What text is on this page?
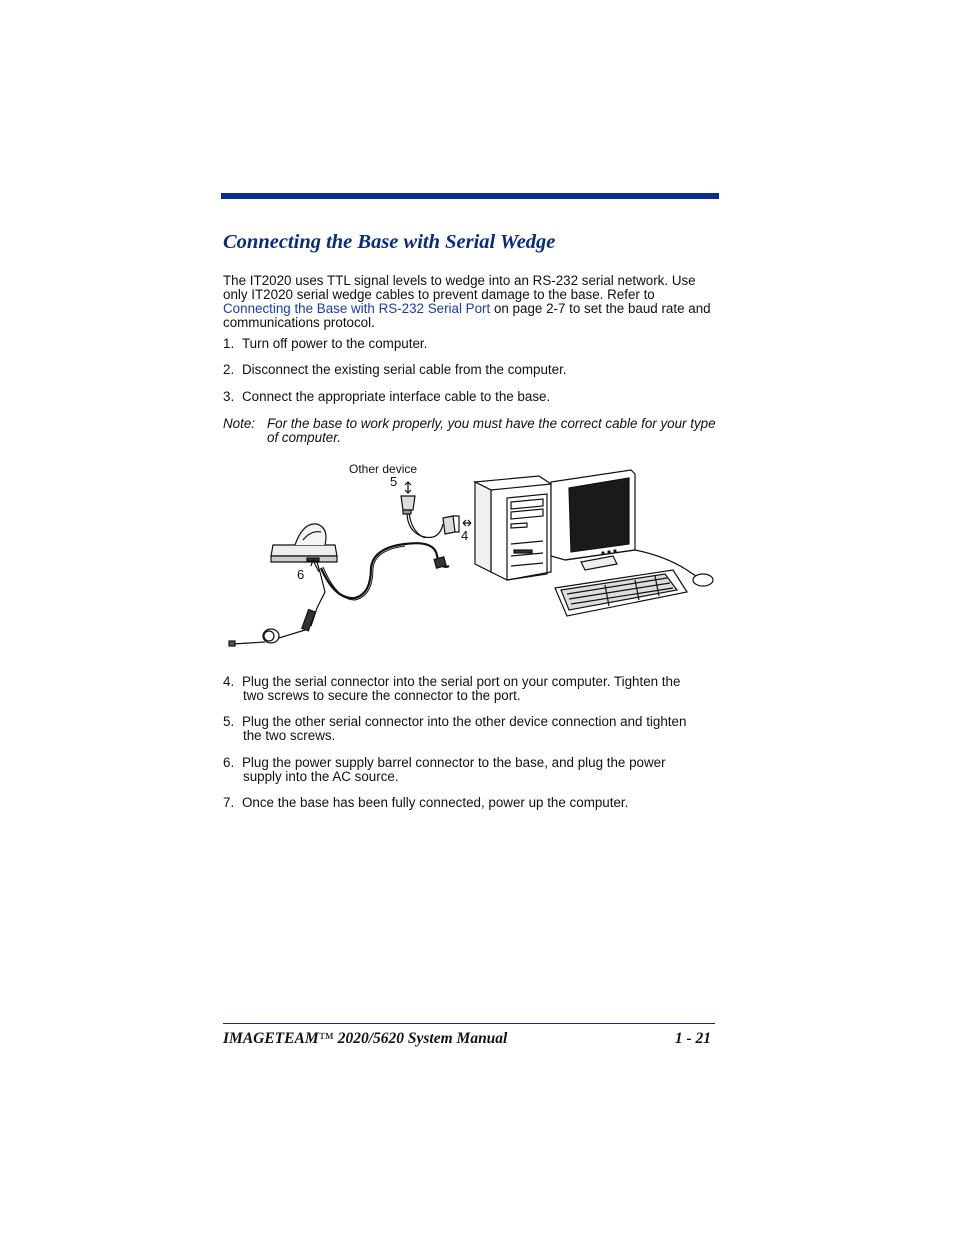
Connecting the Base with Serial Wedge

The IT2020 uses TTL signal levels to wedge into an RS-232 serial network. Use only IT2020 serial wedge cables to prevent damage to the base. Refer to Connecting the Base with RS-232 Serial Port on page 2-7 to set the baud rate and communications protocol.

1. Turn off power to the computer.

2. Disconnect the existing serial cable from the computer.

3. Connect the appropriate interface cable to the base.

Note: For the base to work properly, you must have the correct cable for your type of computer.
Other device
5
4
6

4. Plug the serial connector into the serial port on your computer. Tighten the
two screws to secure the connector to the port.

5. Plug the other serial connector into the other device connection and tighten
the two screws.

6. Plug the power supply barrel connector to the base, and plug the power
supply into the AC source.

7. Once the base has been fully connected, power up the computer.

IMAGETEAM™ 2020/5620 System Manual	1 - 21
